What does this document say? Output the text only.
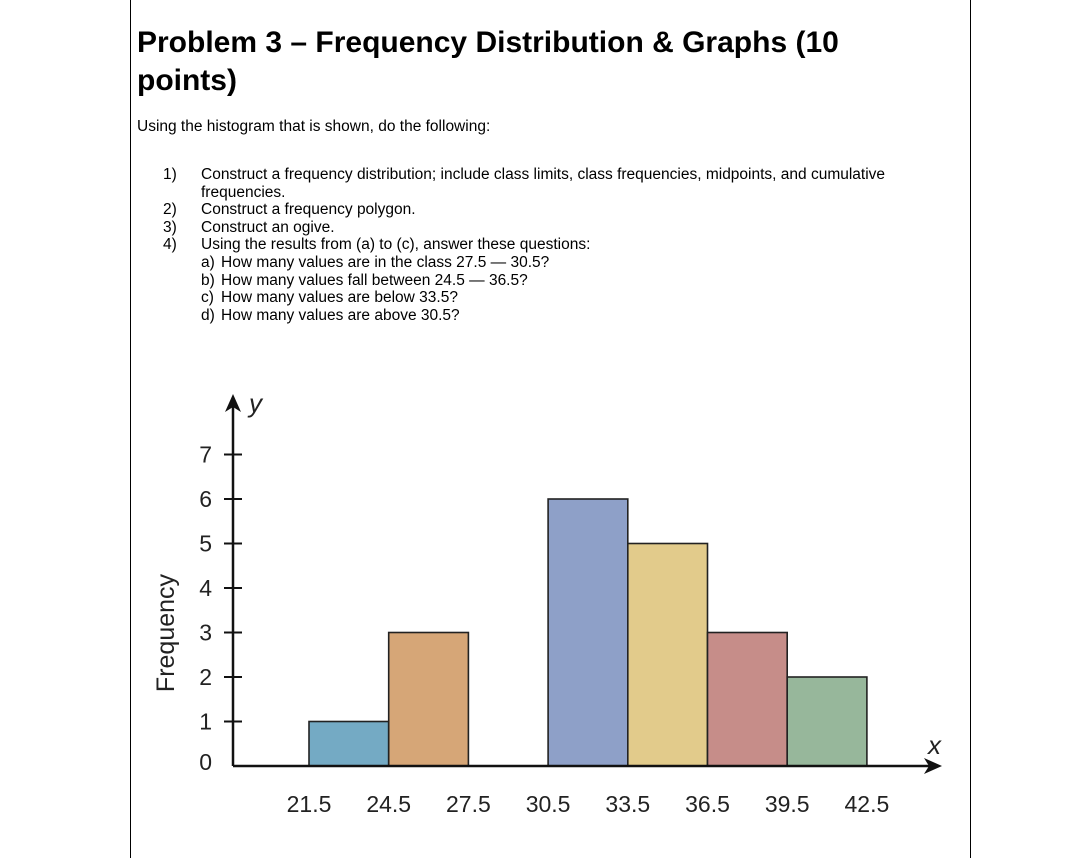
Problem 3 – Frequency Distribution & Graphs (10 points)

Using the histogram that is shown, do the following:

1)	Construct a frequency distribution; include class limits, class frequencies, midpoints, and cumulative frequencies.
2)	Construct a frequency polygon.
3)	Construct an ogive.
4)	Using the results from (a) to (c), answer these questions:
a) How many values are in the class 27.5 — 30.5?
b) How many values fall between 24.5 — 36.5?
c) How many values are below 33.5?
d) How many values are above 30.5?
0
1
2
3
4
5
6
7
21.5 24.5 27.5 30.5 33.5 36.5 39.5 42.5
y
x
Frequency
